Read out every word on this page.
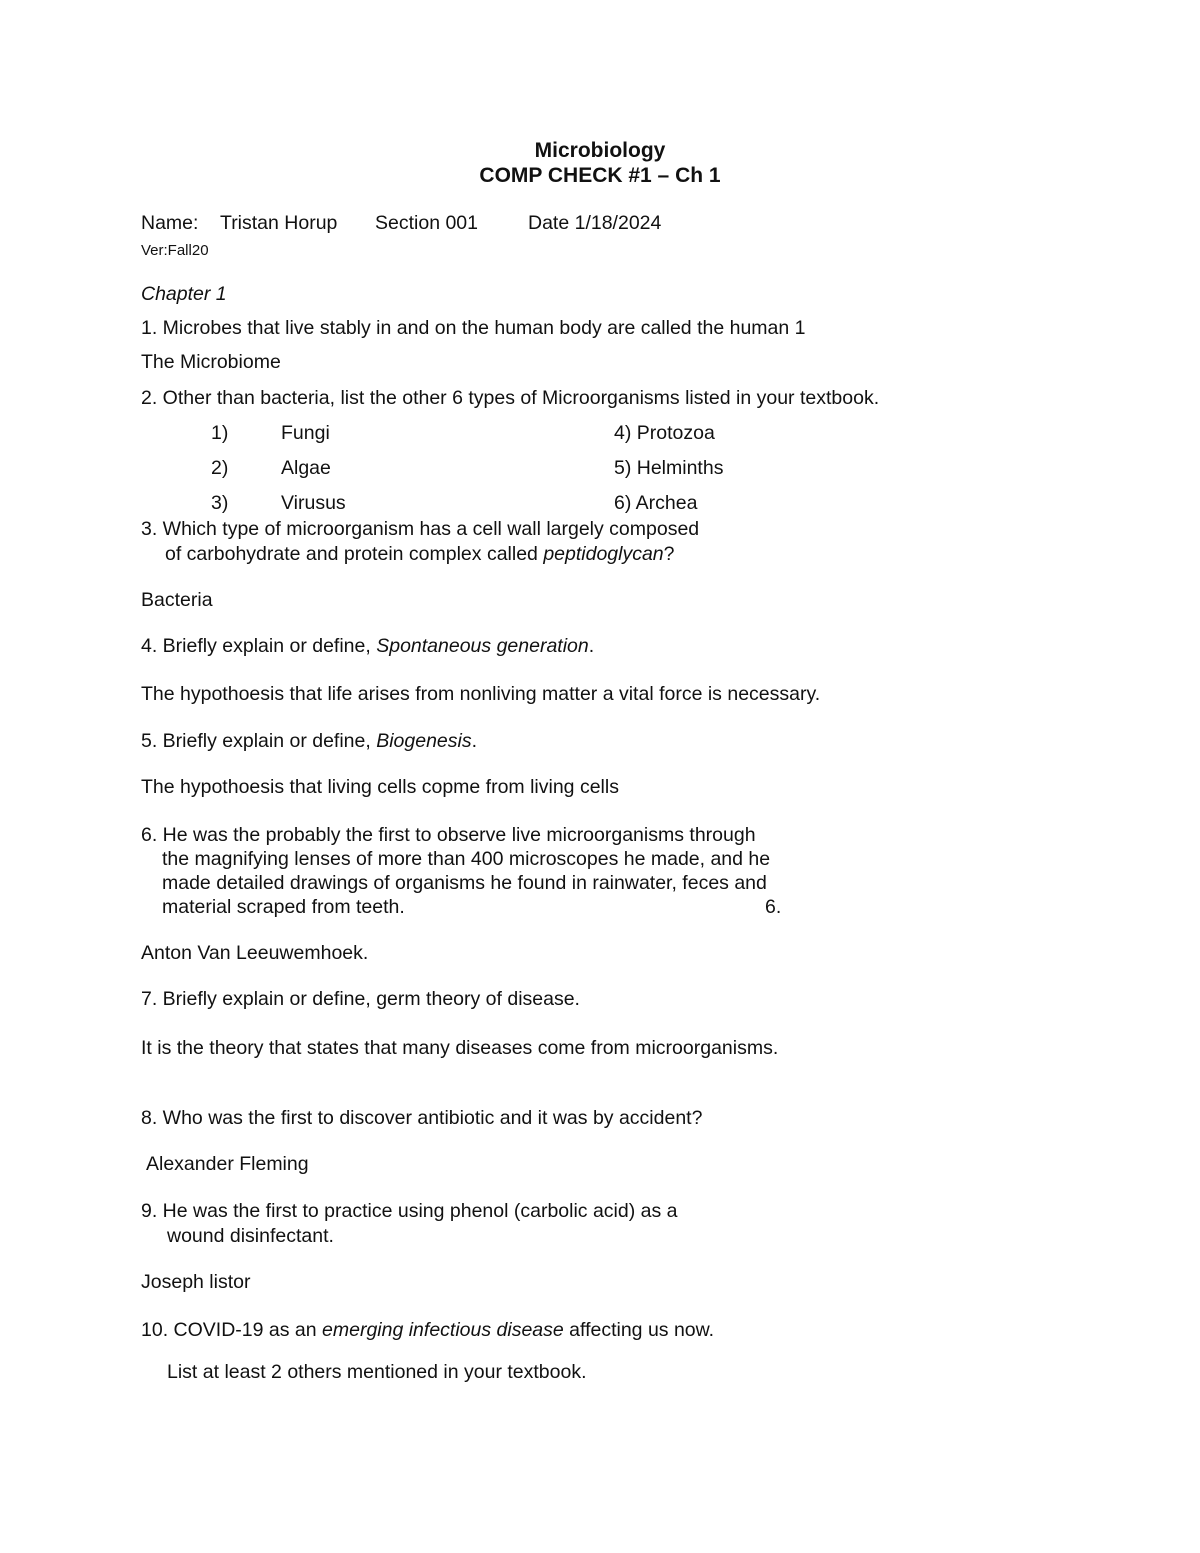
Microbiology
COMP CHECK #1 – Ch 1
Name: Tristan Horup Section 001	Date 1/18/2024
Ver:Fall20
Chapter 1
1. Microbes that live stably in and on the human body are called the human 1
The Microbiome
2. Other than bacteria, list the other 6 types of Microorganisms listed in your textbook.
1)	Fungi	4) Protozoa
2)	Algae	5) Helminths
3)	Virusus	6) Archea
3. Which type of microorganism has a cell wall largely composed
of carbohydrate and protein complex called peptidoglycan?
Bacteria
4. Briefly explain or define, Spontaneous generation.
The hypothoesis that life arises from nonliving matter a vital force is necessary.
5. Briefly explain or define, Biogenesis.
The hypothoesis that living cells copme from living cells
6. He was the probably the first to observe live microorganisms through
the magnifying lenses of more than 400 microscopes he made, and he
made detailed drawings of organisms he found in rainwater, feces and
material scraped from teeth.	6.
Anton Van Leeuwemhoek.
7. Briefly explain or define, germ theory of disease.
It is the theory that states that many diseases come from microorganisms.
8. Who was the first to discover antibiotic and it was by accident?
Alexander Fleming
9. He was the first to practice using phenol (carbolic acid) as a
wound disinfectant.
Joseph listor
10. COVID-19 as an emerging infectious disease affecting us now.
List at least 2 others mentioned in your textbook.
